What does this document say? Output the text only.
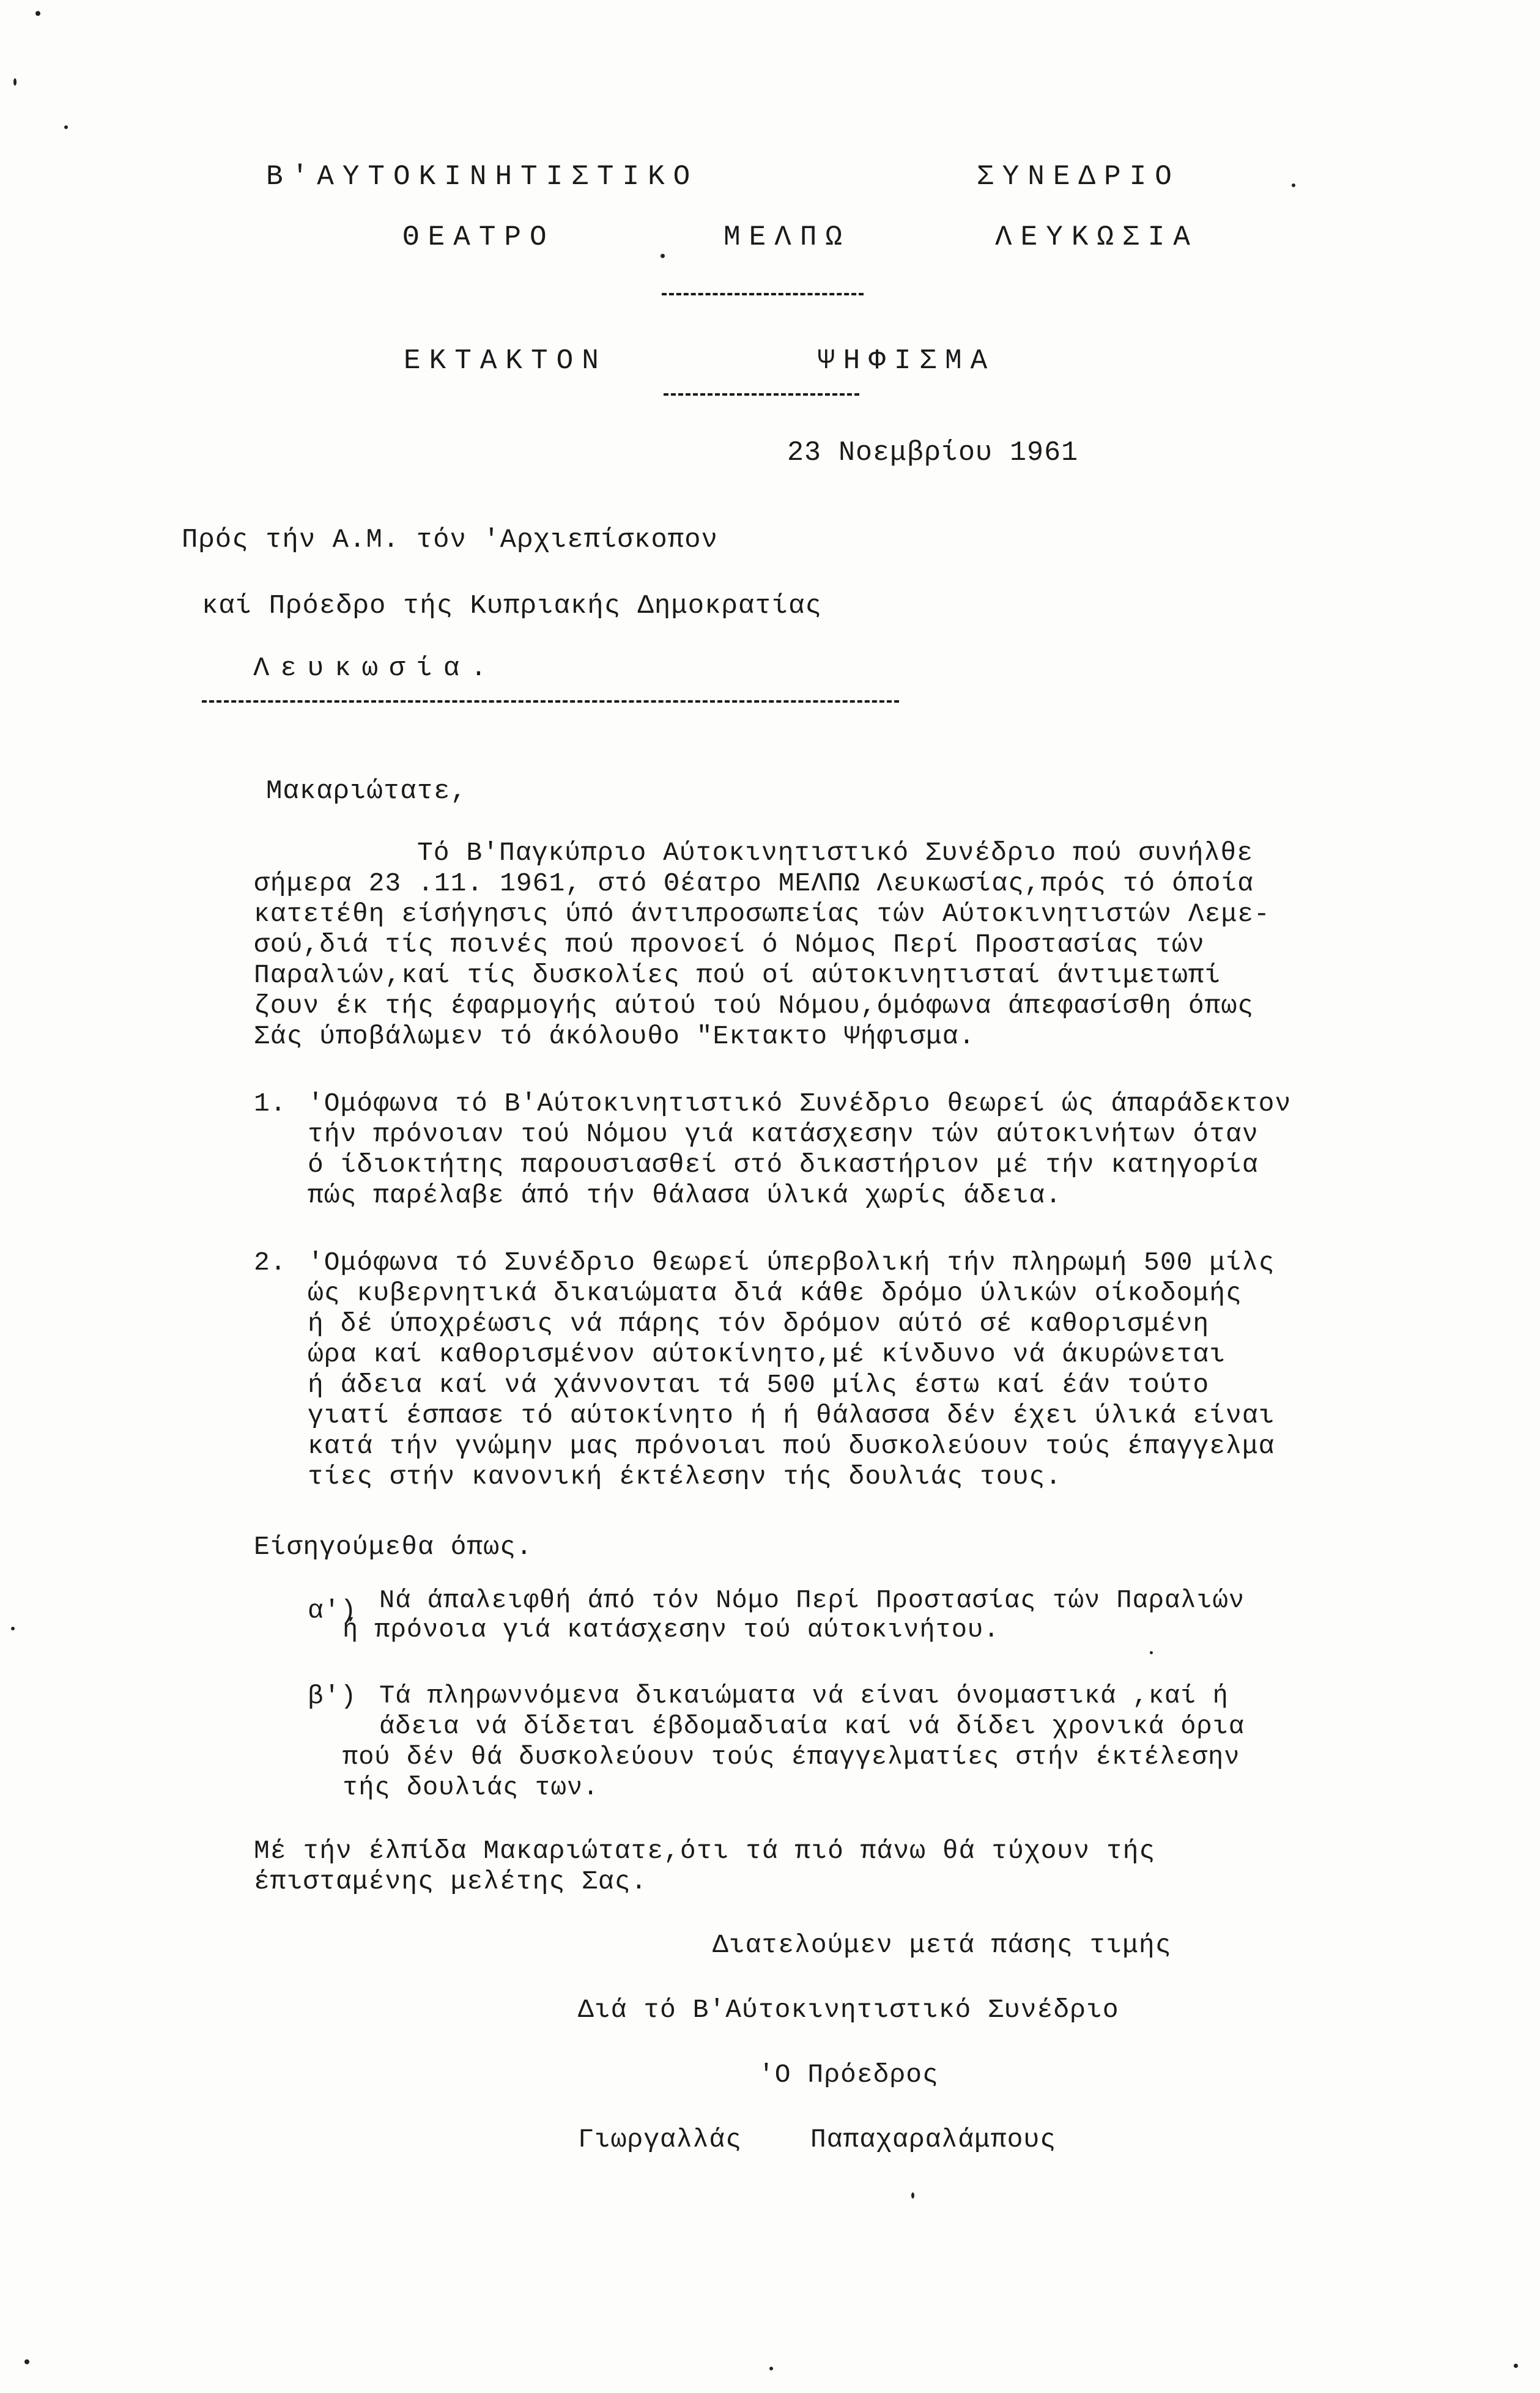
Β'ΑΥΤΟΚΙΝΗΤΙΣΤΙΚΟ	ΣΥΝΕΔΡΙΟ
ΘΕΑΤΡΟ	ΜΕΛΠΩ	ΛΕΥΚΩΣΙΑ
ΕΚΤΑΚΤΟΝ	ΨΗΦΙΣΜΑ
23 Νοεμβρίου 1961
Πρός τήν Α.Μ. τόν 'Αρχιεπίσκοπον
καί Πρόεδρο τής Κυπριακής Δημοκρατίας
Λευκωσία.
Μακαριώτατε,
Τό Β'Παγκύπριο Αύτοκινητιστικό Συνέδριο πού συνήλθε
σήμερα 23 .11. 1961, στό Θέατρο ΜΕΛΠΩ Λευκωσίας,πρός τό όποία
κατετέθη είσήγησις ύπό άντιπροσωπείας τών Αύτοκινητιστών Λεμε-
σού,διά τίς ποινές πού προνοεί ό Νόμος Περί Προστασίας τών
Παραλιών,καί τίς δυσκολίες πού οί αύτοκινητισταί άντιμετωπί
ζουν έκ τής έφαρμογής αύτού τού Νόμου,όμόφωνα άπεφασίσθη όπως
Σάς ύποβάλωμεν τό άκόλουθο "Εκτακτο Ψήφισμα.
1. 'Ομόφωνα τό Β'Αύτοκινητιστικό Συνέδριο θεωρεί ώς άπαράδεκτον
τήν πρόνοιαν τού Νόμου γιά κατάσχεσην τών αύτοκινήτων όταν
ό ίδιοκτήτης παρουσιασθεί στό δικαστήριον μέ τήν κατηγορία
πώς παρέλαβε άπό τήν θάλασα ύλικά χωρίς άδεια.
2. 'Ομόφωνα τό Συνέδριο θεωρεί ύπερβολική τήν πληρωμή 500 μίλς
ώς κυβερνητικά δικαιώματα διά κάθε δρόμο ύλικών οίκοδομής
ή δέ ύποχρέωσις νά πάρης τόν δρόμον αύτό σέ καθορισμένη
ώρα καί καθορισμένον αύτοκίνητο,μέ κίνδυνο νά άκυρώνεται
ή άδεια καί νά χάννονται τά 500 μίλς έστω καί έάν τούτο
γιατί έσπασε τό αύτοκίνητο ή ή θάλασσα δέν έχει ύλικά είναι
κατά τήν γνώμην μας πρόνοιαι πού δυσκολεύουν τούς έπαγγελμα
τίες στήν κανονική έκτέλεσην τής δουλιάς τους.
Είσηγούμεθα όπως.
α') Νά άπαλειφθή άπό τόν Νόμο Περί Προστασίας τών Παραλιών
ή πρόνοια γιά κατάσχεσην τού αύτοκινήτου.
β') Τά πληρωννόμενα δικαιώματα νά είναι όνομαστικά ,καί ή
άδεια νά δίδεται έβδομαδιαία καί νά δίδει χρονικά όρια
πού δέν θά δυσκολεύουν τούς έπαγγελματίες στήν έκτέλεσην
τής δουλιάς των.
Μέ τήν έλπίδα Μακαριώτατε,ότι τά πιό πάνω θά τύχουν τής
έπισταμένης μελέτης Σας.
Διατελούμεν μετά πάσης τιμής
Διά τό Β'Αύτοκινητιστικό Συνέδριο
'Ο Πρόεδρος
Γιωργαλλάς	Παπαχαραλάμπους
